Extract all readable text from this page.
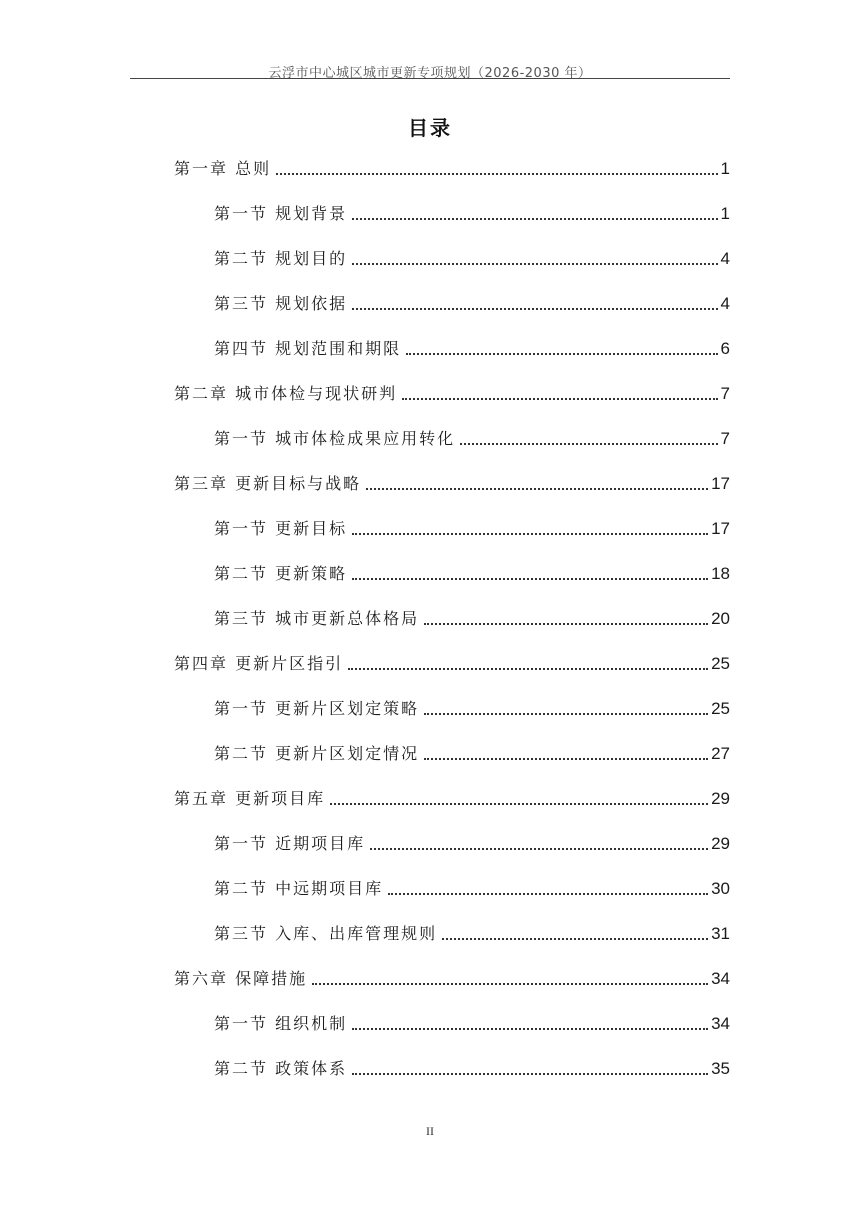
云浮市中心城区城市更新专项规划（2026-2030 年）
目录
第一章 总则	1
第一节 规划背景	1
第二节 规划目的	4
第三节 规划依据	4
第四节 规划范围和期限	6
第二章 城市体检与现状研判	7
第一节 城市体检成果应用转化	7
第三章 更新目标与战略	17
第一节 更新目标	17
第二节 更新策略	18
第三节 城市更新总体格局	20
第四章 更新片区指引	25
第一节 更新片区划定策略	25
第二节 更新片区划定情况	27
第五章 更新项目库	29
第一节 近期项目库	29
第二节 中远期项目库	30
第三节 入库、出库管理规则	31
第六章 保障措施	34
第一节 组织机制	34
第二节 政策体系	35
II
